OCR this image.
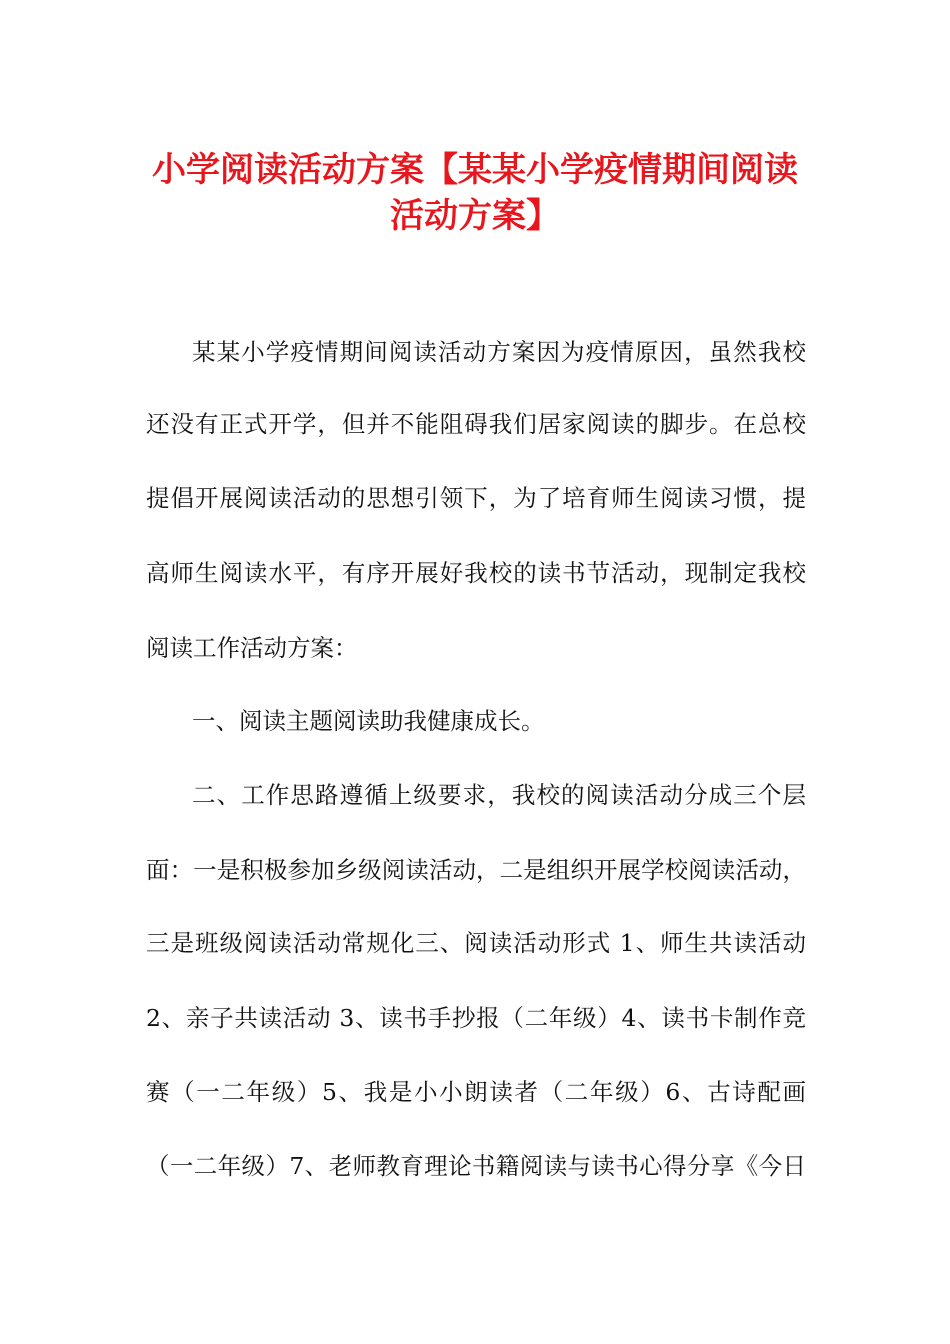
小学阅读活动方案【某某小学疫情期间阅读
活动方案】
某某小学疫情期间阅读活动方案因为疫情原因，虽然我校
还没有正式开学，但并不能阻碍我们居家阅读的脚步。在总校
提倡开展阅读活动的思想引领下，为了培育师生阅读习惯，提
高师生阅读水平，有序开展好我校的读书节活动，现制定我校
阅读工作活动方案：
一、阅读主题阅读助我健康成长。
二、工作思路遵循上级要求，我校的阅读活动分成三个层
面：一是积极参加乡级阅读活动，二是组织开展学校阅读活动，
三是班级阅读活动常规化三、阅读活动形式 1、师生共读活动
2、亲子共读活动 3、读书手抄报（二年级）4、读书卡制作竞
赛（一二年级）5、我是小小朗读者（二年级）6、古诗配画
（一二年级）7、老师教育理论书籍阅读与读书心得分享《今日
